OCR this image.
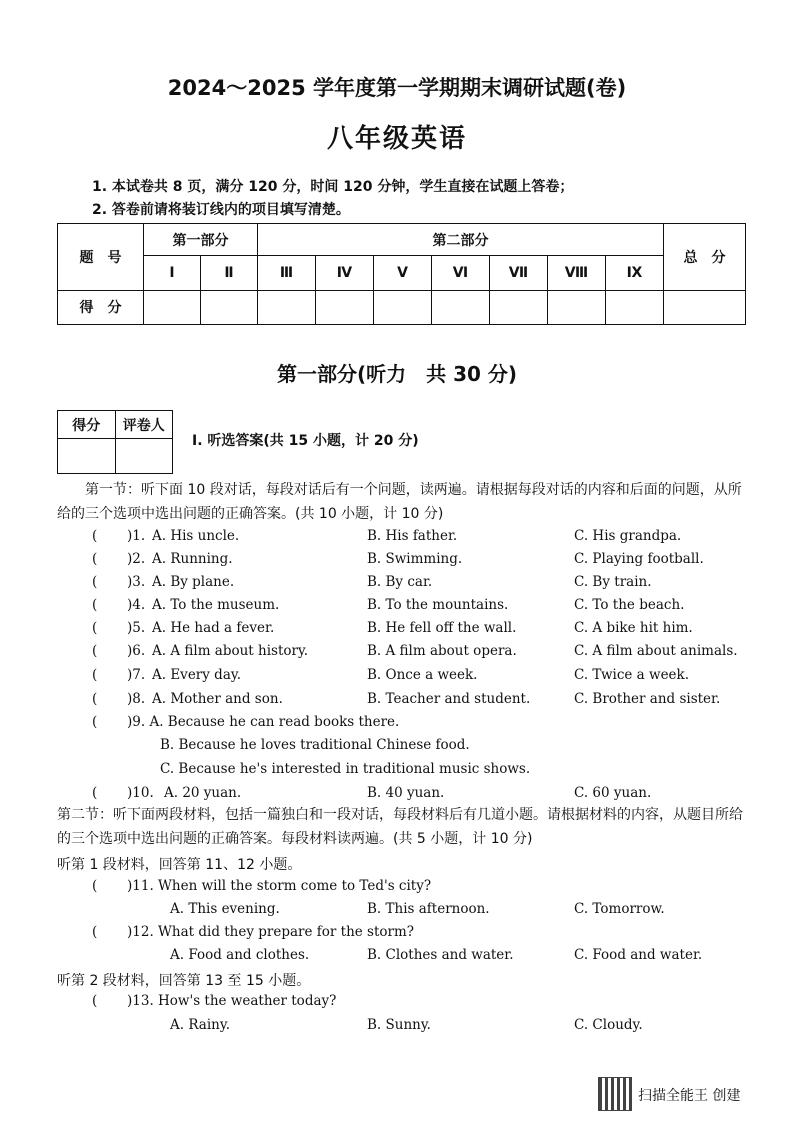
2024～2025 学年度第一学期期末调研试题(卷)
八年级英语
1. 本试卷共 8 页，满分 120 分，时间 120 分钟，学生直接在试题上答卷；
2. 答卷前请将装订线内的项目填写清楚。
题　号	第一部分		第二部分							总　分
	Ⅰ	Ⅱ	Ⅲ	Ⅳ	Ⅴ	Ⅵ	Ⅶ	Ⅷ	Ⅸ	
得　分										
第一部分(听力　共 30 分)
得分	评卷人

Ⅰ. 听选答案(共 15 小题，计 20 分)
第一节：听下面 10 段对话，每段对话后有一个问题，读两遍。请根据每段对话的内容和后面的问题，从所给的三个选项中选出问题的正确答案。(共 10 小题，计 10 分)
( )1. A. His uncle.	B. His father.	C. His grandpa.
( )2. A. Running.	B. Swimming.	C. Playing football.
( )3. A. By plane.	B. By car.	C. By train.
( )4. A. To the museum.	B. To the mountains.	C. To the beach.
( )5. A. He had a fever.	B. He fell off the wall.	C. A bike hit him.
( )6. A. A film about history.	B. A film about opera.	C. A film about animals.
( )7. A. Every day.	B. Once a week.	C. Twice a week.
( )8. A. Mother and son.	B. Teacher and student.	C. Brother and sister.
( )9. A. Because he can read books there.
B. Because he loves traditional Chinese food.
C. Because he's interested in traditional music shows.
( )10. A. 20 yuan.	B. 40 yuan.	C. 60 yuan.
第二节：听下面两段材料，包括一篇独白和一段对话，每段材料后有几道小题。请根据材料的内容，从题目所给的三个选项中选出问题的正确答案。每段材料读两遍。(共 5 小题，计 10 分)
听第 1 段材料，回答第 11、12 小题。
( )11. When will the storm come to Ted's city?
A. This evening.	B. This afternoon.	C. Tomorrow.
( )12. What did they prepare for the storm?
A. Food and clothes.	B. Clothes and water.	C. Food and water.
听第 2 段材料，回答第 13 至 15 小题。
( )13. How's the weather today?
A. Rainy.	B. Sunny.	C. Cloudy.
扫描全能王 创建
